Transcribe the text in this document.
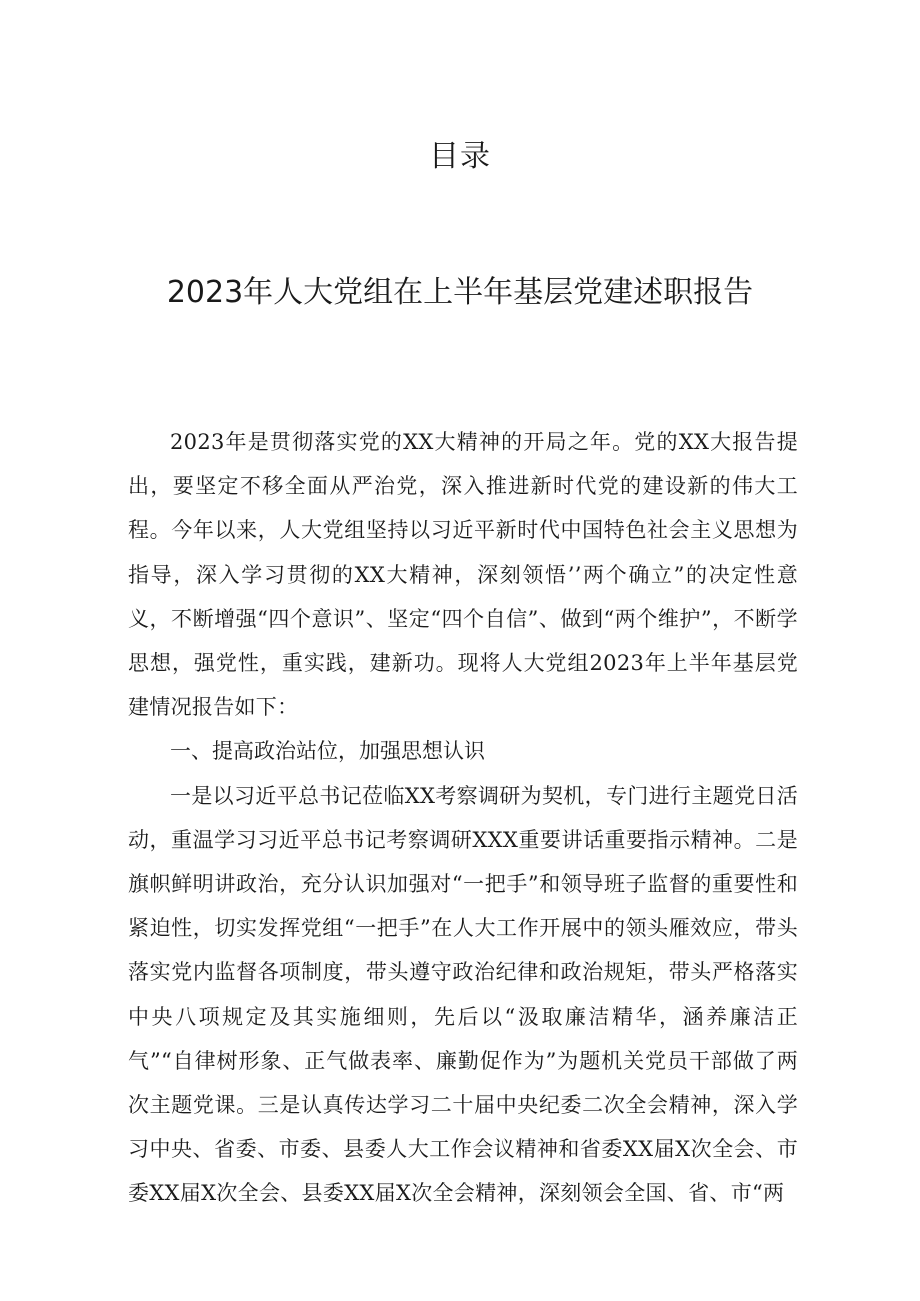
目录
2023年人大党组在上半年基层党建述职报告

2023年是贯彻落实党的XX大精神的开局之年。党的XX大报告提出，要坚定不移全面从严治党，深入推进新时代党的建设新的伟大工程。今年以来，人大党组坚持以习近平新时代中国特色社会主义思想为指导，深入学习贯彻的XX大精神，深刻领悟’’两个确立”的决定性意义，不断增强“四个意识”、坚定“四个自信”、做到“两个维护”，不断学思想，强党性，重实践，建新功。现将人大党组2023年上半年基层党建情况报告如下：

一、提高政治站位，加强思想认识

一是以习近平总书记莅临XX考察调研为契机，专门进行主题党日活动，重温学习习近平总书记考察调研XXX重要讲话重要指示精神。二是旗帜鲜明讲政治，充分认识加强对“一把手”和领导班子监督的重要性和紧迫性，切实发挥党组“一把手”在人大工作开展中的领头雁效应，带头落实党内监督各项制度，带头遵守政治纪律和政治规矩，带头严格落实中央八项规定及其实施细则，先后以“汲取廉洁精华，涵养廉洁正气”“自律树形象、正气做表率、廉勤促作为”为题机关党员干部做了两次主题党课。三是认真传达学习二十届中央纪委二次全会精神，深入学习中央、省委、市委、县委人大工作会议精神和省委XX届X次全会、市委XX届X次全会、县委XX届X次全会精神，深刻领会全国、省、市“两
